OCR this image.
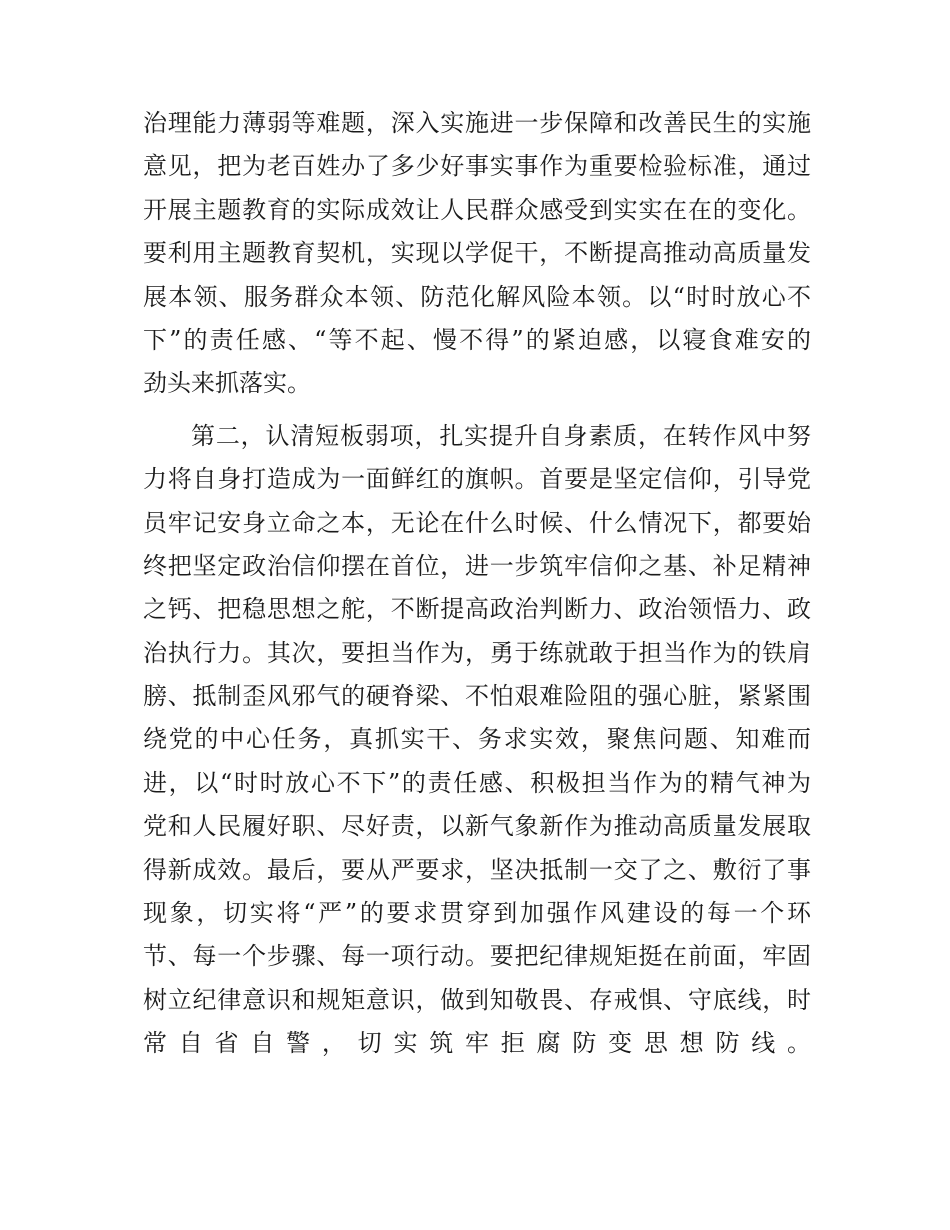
治理能力薄弱等难题，深入实施进一步保障和改善民生的实施
意见，把为老百姓办了多少好事实事作为重要检验标准，通过
开展主题教育的实际成效让人民群众感受到实实在在的变化。
要利用主题教育契机，实现以学促干，不断提高推动高质量发
展本领、服务群众本领、防范化解风险本领。以“时时放心不
下”的责任感、“等不起、慢不得”的紧迫感，以寝食难安的
劲头来抓落实。
第二，认清短板弱项，扎实提升自身素质，在转作风中努
力将自身打造成为一面鲜红的旗帜。首要是坚定信仰，引导党
员牢记安身立命之本，无论在什么时候、什么情况下，都要始
终把坚定政治信仰摆在首位，进一步筑牢信仰之基、补足精神
之钙、把稳思想之舵，不断提高政治判断力、政治领悟力、政
治执行力。其次，要担当作为，勇于练就敢于担当作为的铁肩
膀、抵制歪风邪气的硬脊梁、不怕艰难险阻的强心脏，紧紧围
绕党的中心任务，真抓实干、务求实效，聚焦问题、知难而
进，以“时时放心不下”的责任感、积极担当作为的精气神为
党和人民履好职、尽好责，以新气象新作为推动高质量发展取
得新成效。最后，要从严要求，坚决抵制一交了之、敷衍了事
现象，切实将“严”的要求贯穿到加强作风建设的每一个环
节、每一个步骤、每一项行动。要把纪律规矩挺在前面，牢固
树立纪律意识和规矩意识，做到知敬畏、存戒惧、守底线，时
常自省自警，切实筑牢拒腐防变思想防线。
